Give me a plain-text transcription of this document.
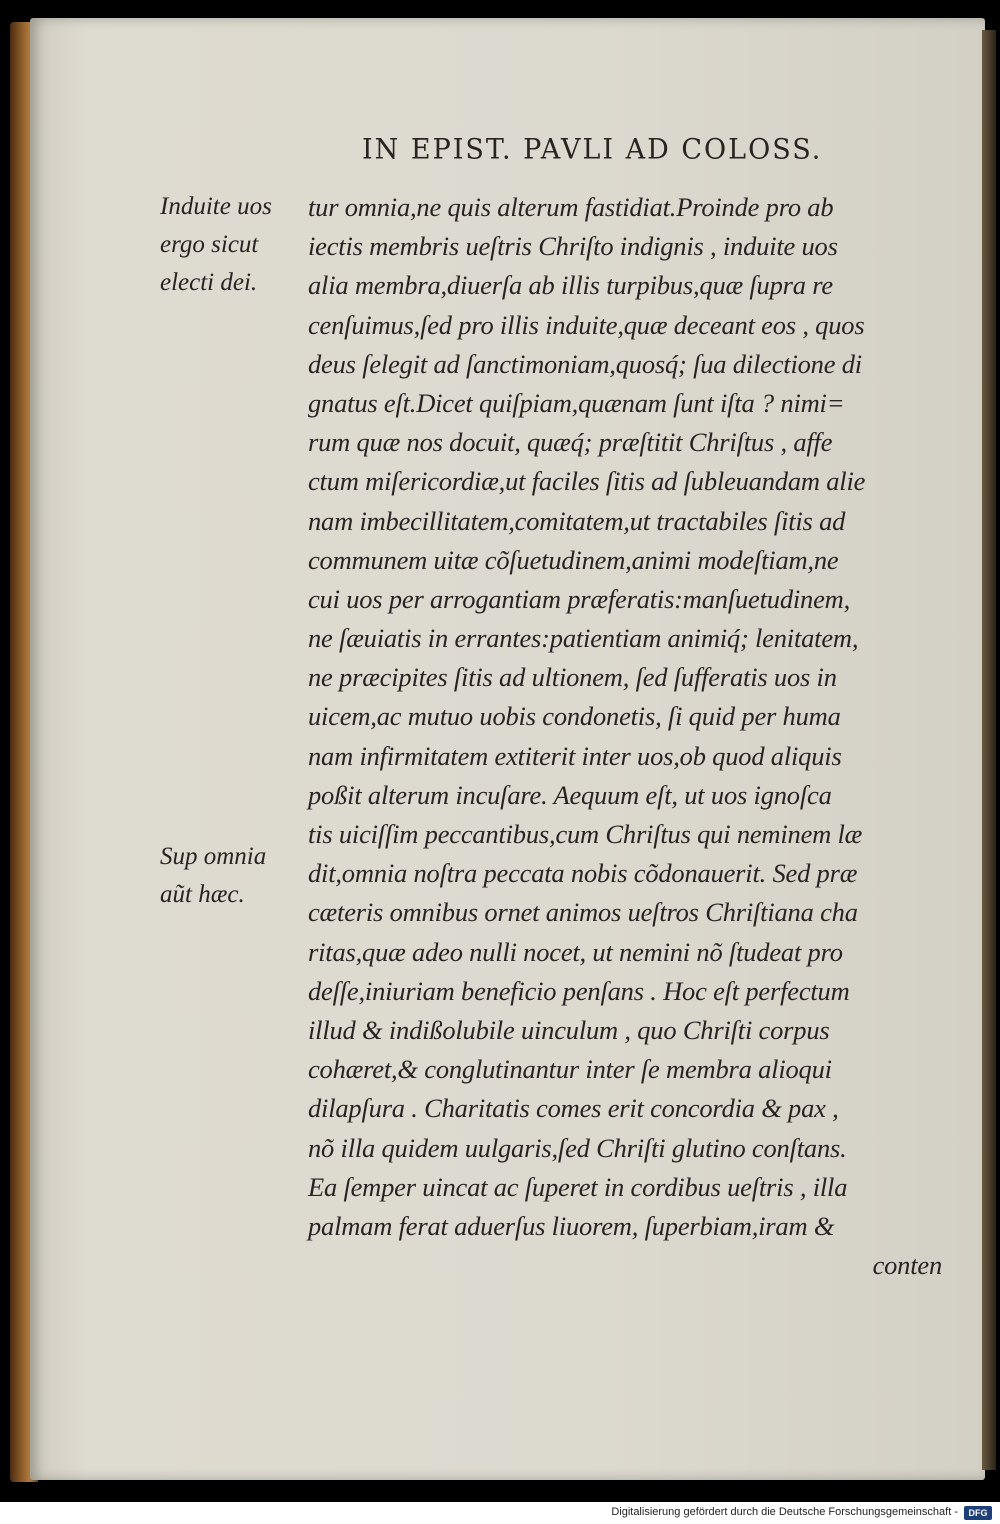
IN EPIST. PAVLI AD COLOSS.
Induite uos
ergo sicut
electi dei.
Sup omnia
aũt hæc.
tur omnia,ne quis alterum fastidiat.Proinde pro ab
iectis membris ueſtris Chriſto indignis , induite uos
alia membra,diuerſa ab illis turpibus,quæ ſupra re
cenſuimus,ſed pro illis induite,quæ deceant eos , quos
deus ſelegit ad ſanctimoniam,quosq́; ſua dilectione di
gnatus eſt.Dicet quiſpiam,quænam ſunt iſta ? nimi=
rum quæ nos docuit, quæq́; præſtitit Chriſtus , affe
ctum miſericordiæ,ut faciles ſitis ad ſubleuandam alie
nam imbecillitatem,comitatem,ut tractabiles ſitis ad
communem uitæ cõſuetudinem,animi modeſtiam,ne
cui uos per arrogantiam præferatis:manſuetudinem,
ne ſæuiatis in errantes:patientiam animiq́; lenitatem,
ne præcipites ſitis ad ultionem, ſed ſufferatis uos in
uicem,ac mutuo uobis condonetis, ſi quid per huma
nam infirmitatem extiterit inter uos,ob quod aliquis
poßit alterum incuſare. Aequum eſt, ut uos ignoſca
tis uiciſſim peccantibus,cum Chriſtus qui neminem læ
dit,omnia noſtra peccata nobis cõdonauerit. Sed præ
cæteris omnibus ornet animos ueſtros Chriſtiana cha
ritas,quæ adeo nulli nocet, ut nemini nõ ſtudeat pro
deſſe,iniuriam beneficio penſans . Hoc eſt perfectum
illud & indißolubile uinculum , quo Chriſti corpus
cohæret,& conglutinantur inter ſe membra alioqui
dilapſura . Charitatis comes erit concordia & pax ,
nõ illa quidem uulgaris,ſed Chriſti glutino conſtans.
Ea ſemper uincat ac ſuperet in cordibus ueſtris , illa
palmam ferat aduerſus liuorem, ſuperbiam,iram &
conten
Digitalisierung gefördert durch die Deutsche Forschungsgemeinschaft -	DFG
